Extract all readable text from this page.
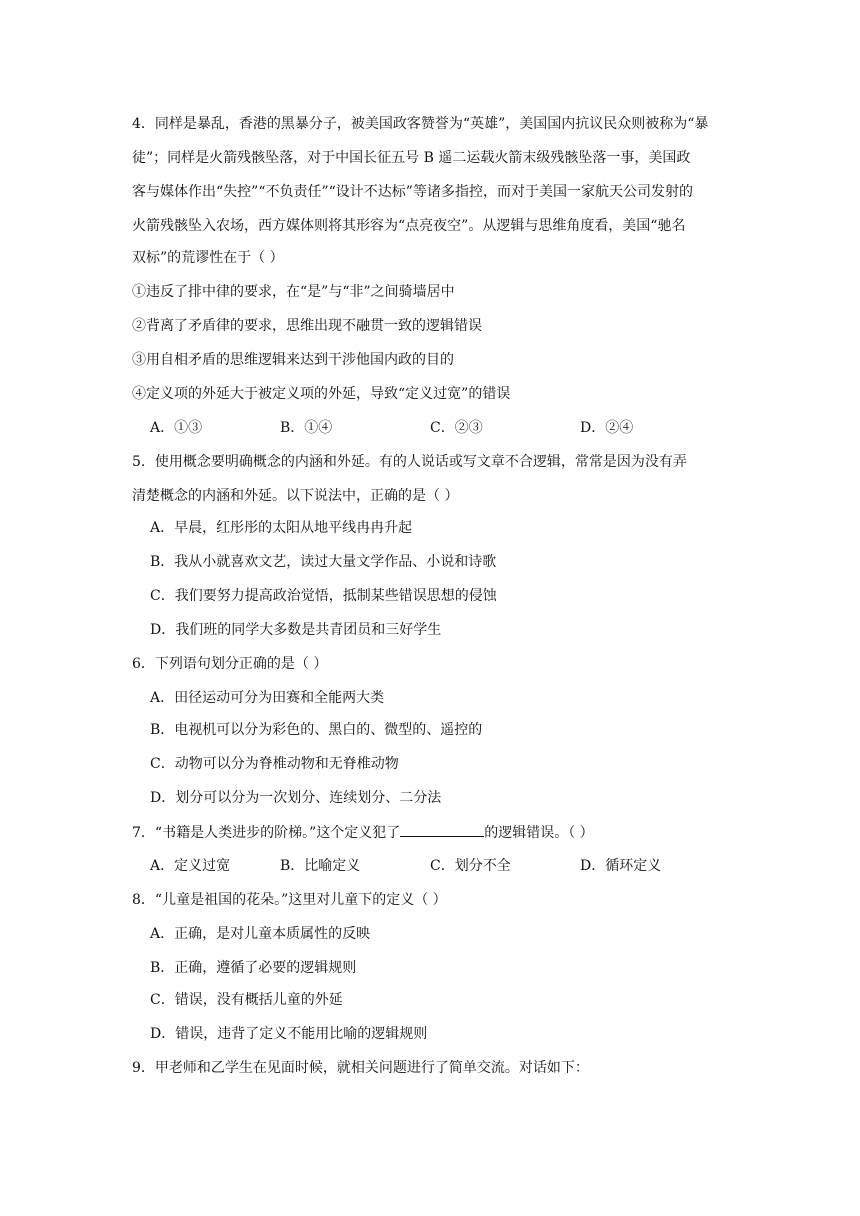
4．同样是暴乱，香港的黑暴分子，被美国政客赞誉为“英雄”，美国国内抗议民众则被称为“暴
徒”；同样是火箭残骸坠落，对于中国长征五号 B 遥二运载火箭末级残骸坠落一事，美国政
客与媒体作出“失控”“不负责任”“设计不达标”等诸多指控，而对于美国一家航天公司发射的
火箭残骸坠入农场，西方媒体则将其形容为“点亮夜空”。从逻辑与思维角度看，美国“驰名
双标”的荒谬性在于（ ）
①违反了排中律的要求，在“是”与“非”之间骑墙居中
②背离了矛盾律的要求，思维出现不融贯一致的逻辑错误
③用自相矛盾的思维逻辑来达到干涉他国内政的目的
④定义项的外延大于被定义项的外延，导致“定义过宽”的错误
A．①③	B．①④	C．②③	D．②④
5．使用概念要明确概念的内涵和外延。有的人说话或写文章不合逻辑，常常是因为没有弄
清楚概念的内涵和外延。以下说法中，正确的是（ ）
A．早晨，红彤彤的太阳从地平线冉冉升起
B．我从小就喜欢文艺，读过大量文学作品、小说和诗歌
C．我们要努力提高政治觉悟，抵制某些错误思想的侵蚀
D．我们班的同学大多数是共青团员和三好学生
6．下列语句划分正确的是（ ）
A．田径运动可分为田赛和全能两大类
B．电视机可以分为彩色的、黑白的、微型的、遥控的
C．动物可以分为脊椎动物和无脊椎动物
D．划分可以分为一次划分、连续划分、二分法
7．“书籍是人类进步的阶梯。”这个定义犯了	的逻辑错误。（ ）
A．定义过宽	B．比喻定义	C．划分不全	D．循环定义
8．“儿童是祖国的花朵。”这里对儿童下的定义（ ）
A．正确，是对儿童本质属性的反映
B．正确，遵循了必要的逻辑规则
C．错误，没有概括儿童的外延
D．错误，违背了定义不能用比喻的逻辑规则
9．甲老师和乙学生在见面时候，就相关问题进行了简单交流。对话如下：
